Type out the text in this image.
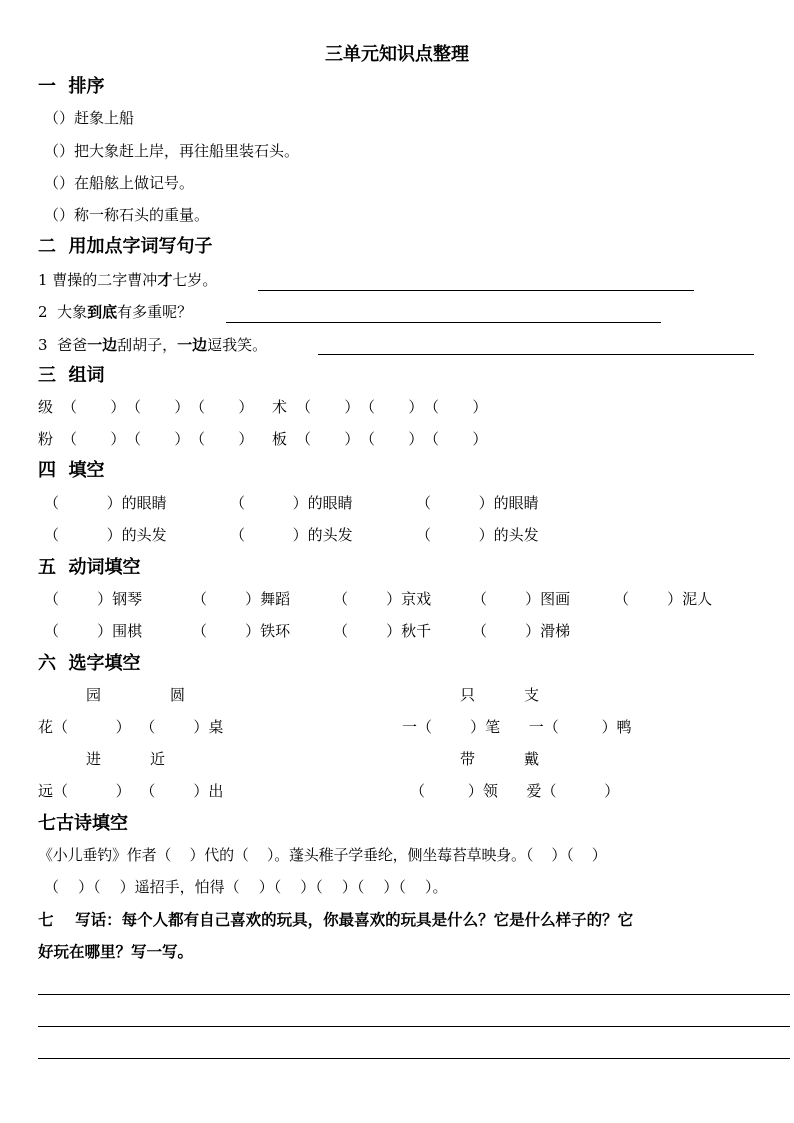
三单元知识点整理
一  排序
（）赶象上船
（）把大象赶上岸，再往船里装石头。
（）在船舷上做记号。
（）称一称石头的重量。
二  用加点字词写句子
1 曹操的二字曹冲才七岁。
2  大象到底有多重呢？
3  爸爸一边刮胡子，一边逗我笑。
三  组词
级 （       ） （       ） （       ） 术 （       ） （       ） （       ）
粉 （       ） （       ） （       ） 板 （       ） （       ） （       ）
四  填空
（          ）的眼睛	（          ）的眼睛	（          ）的眼睛
（          ）的头发	（          ）的头发	（          ）的头发
五  动词填空
（        ）钢琴	（        ）舞蹈	（        ）京戏	（        ）图画	（        ）泥人
（        ）围棋	（        ）铁环	（        ）秋千	（        ）滑梯
六  选字填空
园	圆	只	支
花（          ）  （        ）桌	一（        ）笔      一（         ）鸭
进	近	带	戴
远（          ）  （        ）出	（         ）领      爱（          ）
七古诗填空
《小儿垂钓》作者（    ）代的（    ）。蓬头稚子学垂纶，侧坐莓苔草映身。（    ）（    ）
（    ）（    ）遥招手，怕得（    ）（    ）（    ）（    ）（    ）。
七    写话：每个人都有自己喜欢的玩具，你最喜欢的玩具是什么？它是什么样子的？它
好玩在哪里？写一写。
